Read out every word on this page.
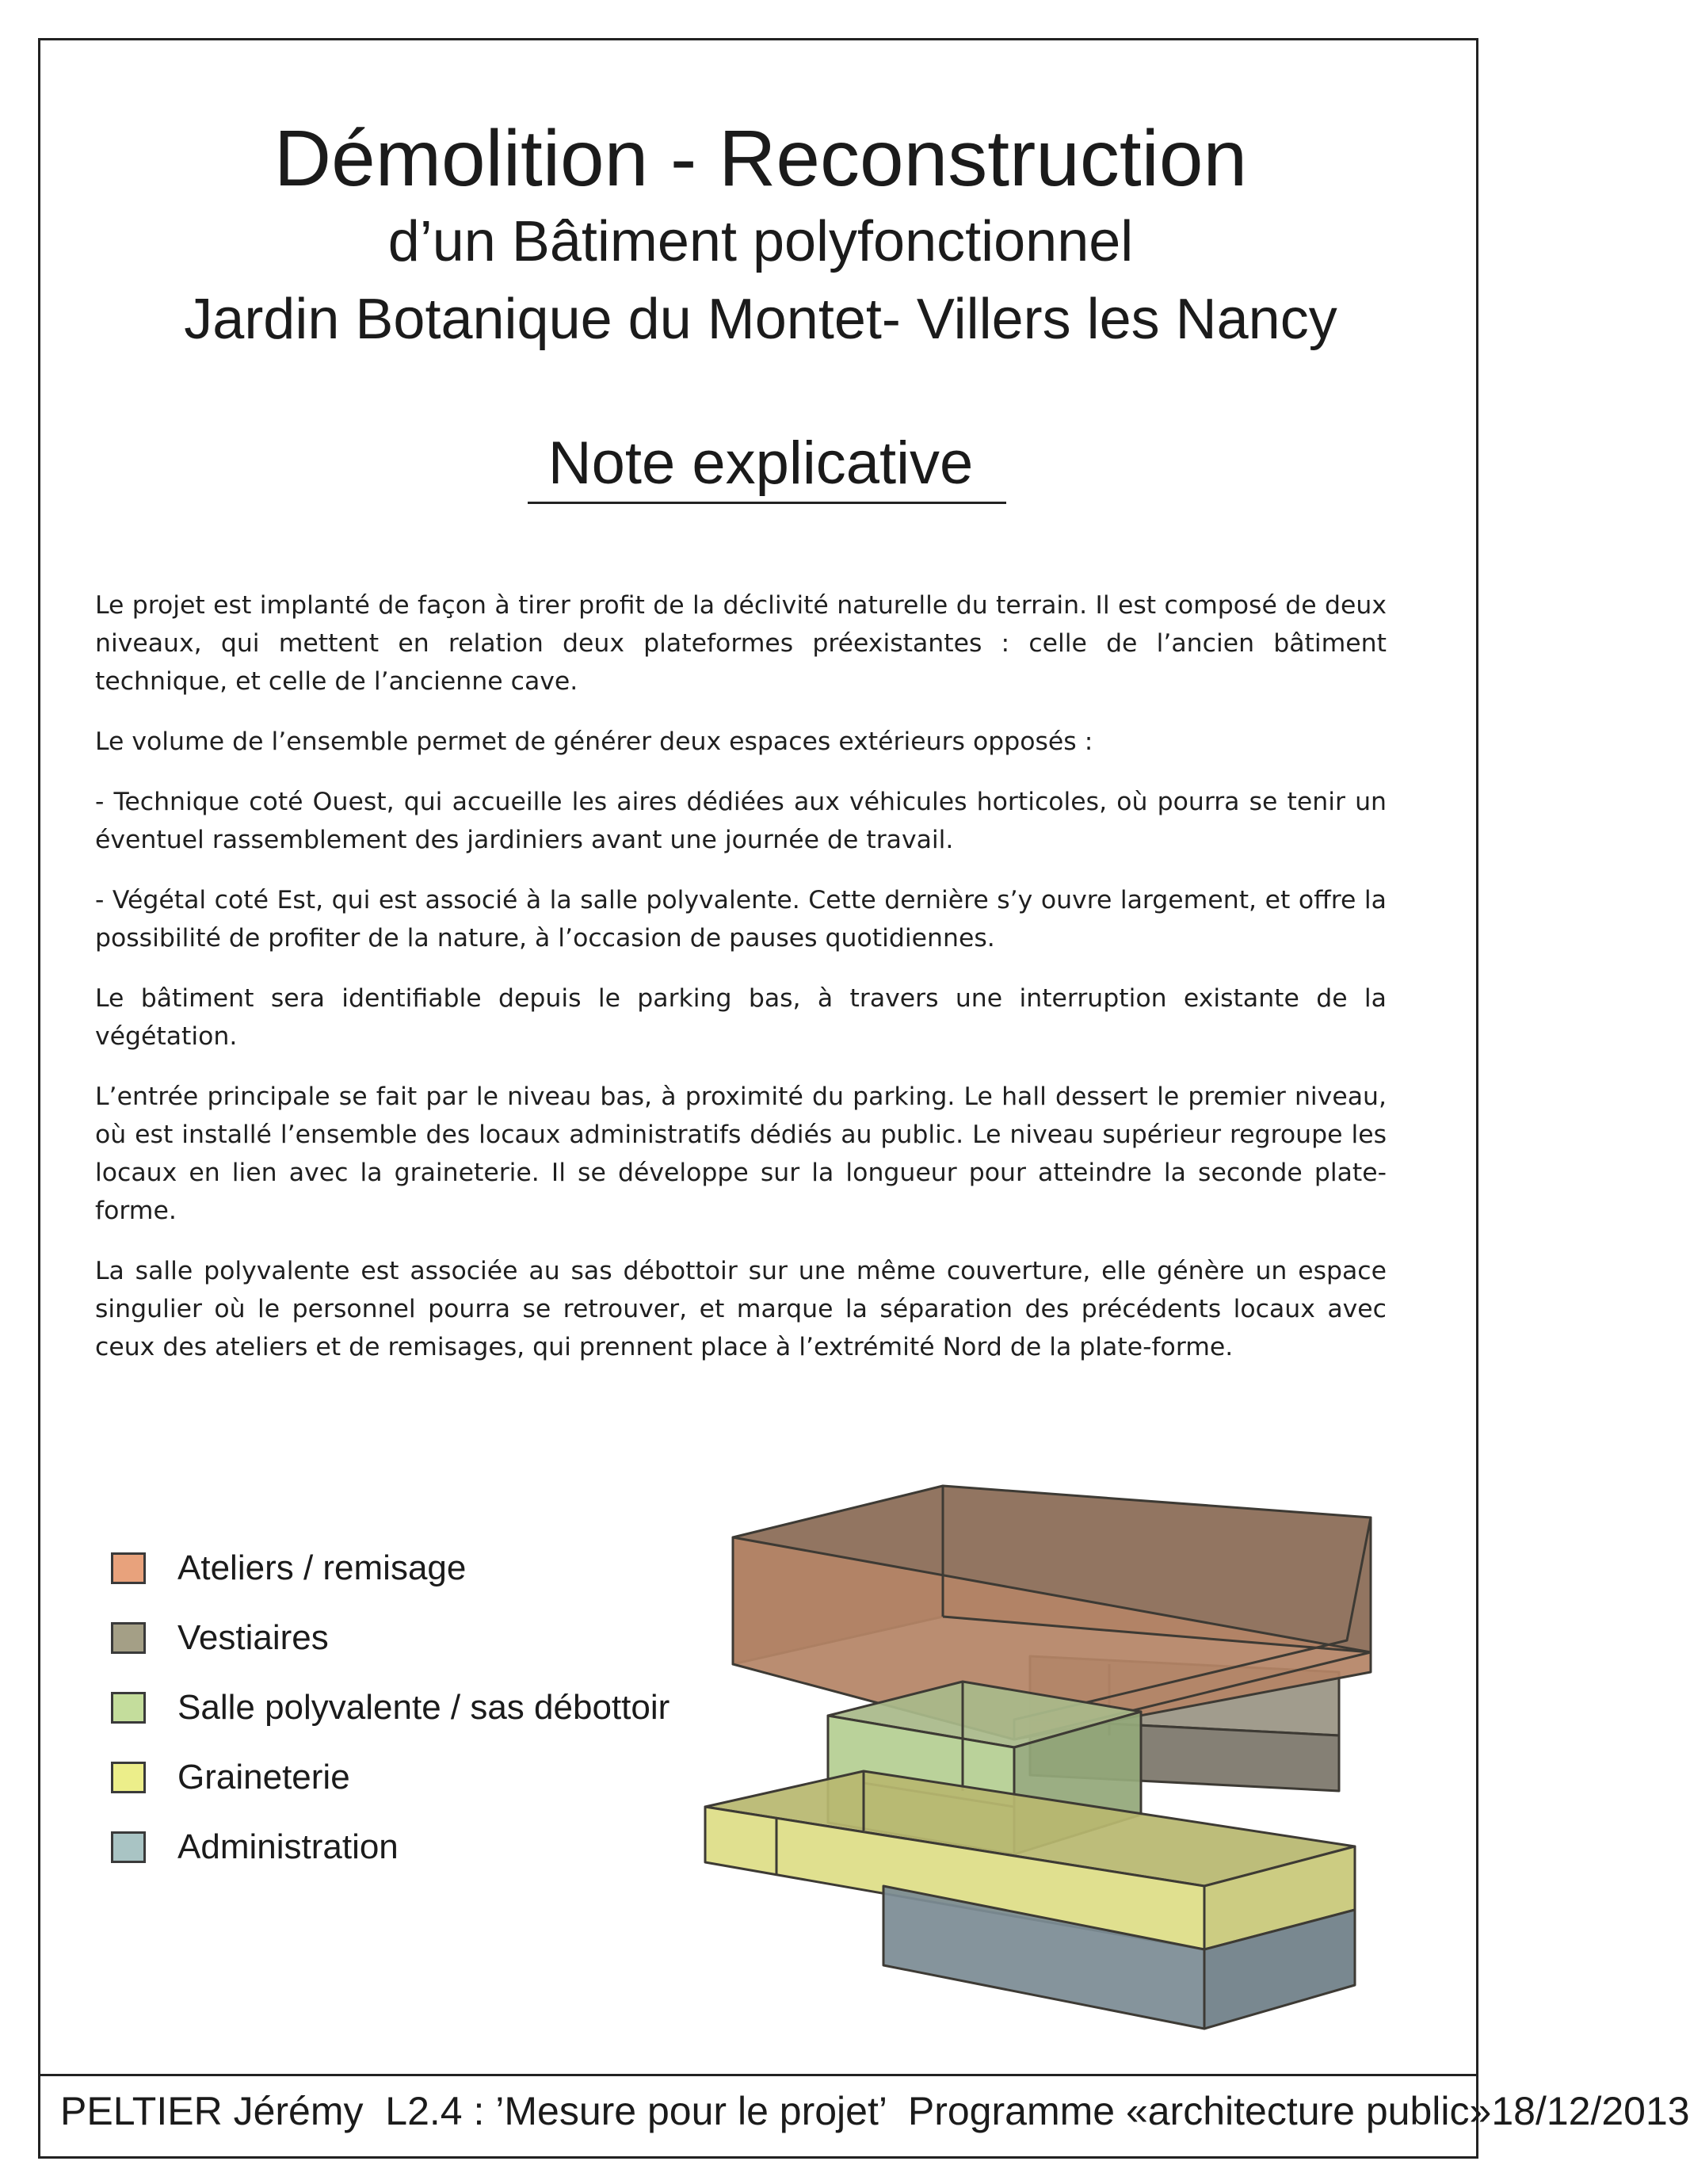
Démolition - Reconstruction
d’un Bâtiment polyfonctionnel
Jardin Botanique du Montet- Villers les Nancy
Note explicative

Le projet est implanté de façon à tirer profit de la déclivité naturelle du terrain. Il est composé de deux niveaux, qui mettent en relation deux plateformes préexistantes : celle de l’ancien bâtiment technique, et celle de l’ancienne cave.

Le volume de l’ensemble permet de générer deux espaces extérieurs opposés :

- Technique coté Ouest, qui accueille les aires dédiées aux véhicules horticoles, où pourra se tenir un éventuel rassemblement des jardiniers avant une journée de travail.

- Végétal coté Est, qui est associé à la salle polyvalente. Cette dernière s’y ouvre largement, et offre la possibilité de profiter de la nature, à l’occasion de pauses quotidiennes.

Le bâtiment sera identifiable depuis le parking bas, à travers une interruption existante de la végétation.

L’entrée principale se fait par le niveau bas, à proximité du parking. Le hall dessert le premier niveau, où est installé l’ensemble des locaux administratifs dédiés au public. Le niveau supérieur regroupe les locaux en lien avec la graineterie. Il se développe sur la longueur pour atteindre la seconde plate-forme.

La salle polyvalente est associée au sas débottoir sur une même couverture, elle génère un espace singulier où le personnel pourra se retrouver, et marque la séparation des précédents locaux avec ceux des ateliers et de remisages, qui prennent place à l’extrémité Nord de la plate-forme.

Ateliers / remisage
Vestiaires
Salle polyvalente / sas débottoir
Graineterie
Administration
PELTIER Jérémy  L2.4 : ’Mesure pour le projet’  Programme «architecture public» 18/12/2013
